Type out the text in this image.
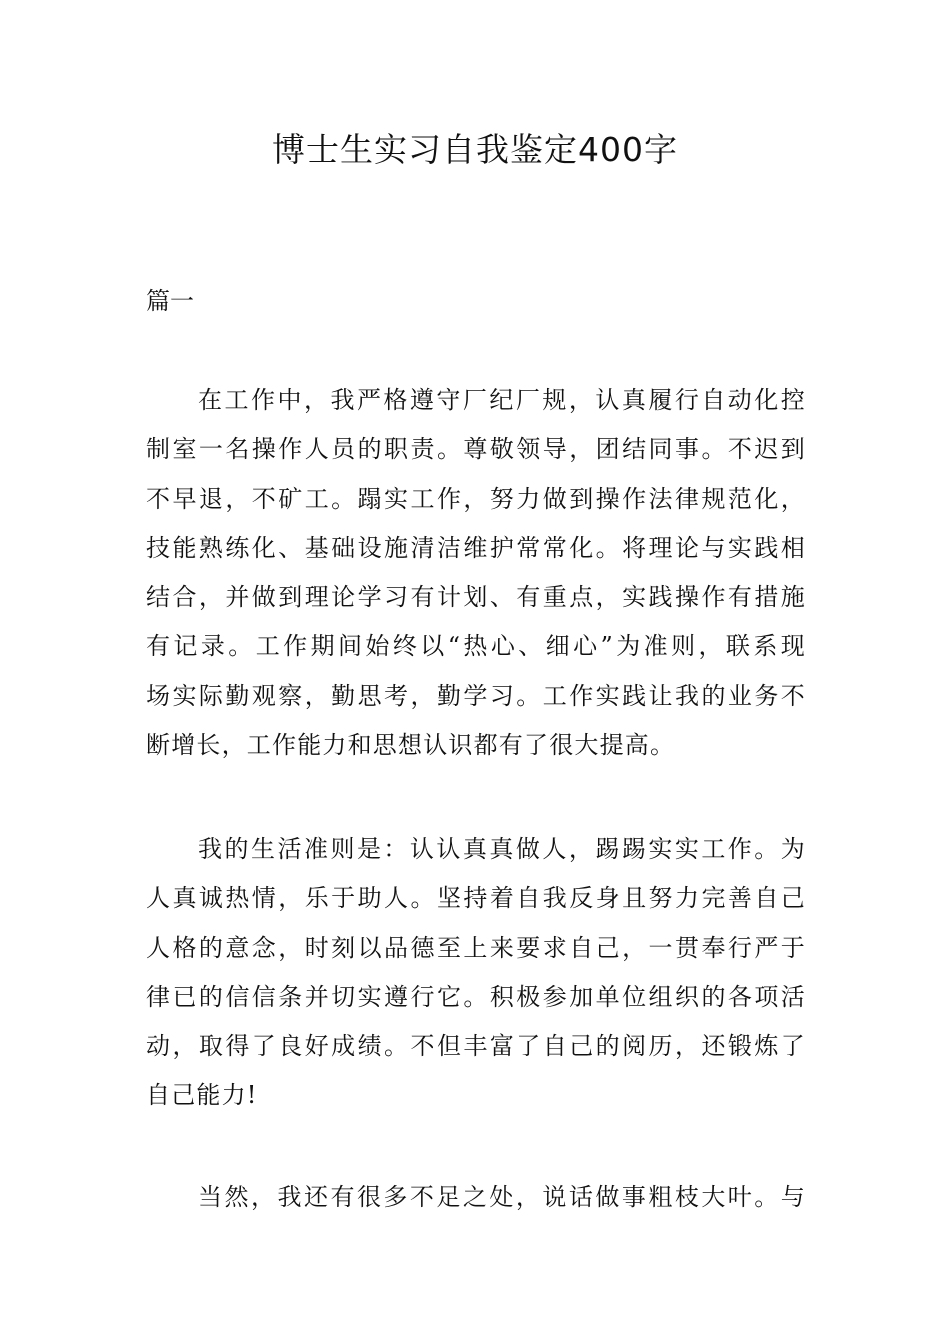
博士生实习自我鉴定400字
篇一
在工作中，我严格遵守厂纪厂规，认真履行自动化控
制室一名操作人员的职责。尊敬领导，团结同事。不迟到
不早退，不矿工。蹋实工作，努力做到操作法律规范化，
技能熟练化、基础设施清洁维护常常化。将理论与实践相
结合，并做到理论学习有计划、有重点，实践操作有措施
有记录。工作期间始终以“热心、细心”为准则，联系现
场实际勤观察，勤思考，勤学习。工作实践让我的业务不
断增长，工作能力和思想认识都有了很大提高。
我的生活准则是：认认真真做人，踢踢实实工作。为
人真诚热情，乐于助人。坚持着自我反身且努力完善自己
人格的意念，时刻以品德至上来要求自己，一贯奉行严于
律已的信信条并切实遵行它。积极参加单位组织的各项活
动，取得了良好成绩。不但丰富了自己的阅历，还锻炼了
自己能力!
当然，我还有很多不足之处，说话做事粗枝大叶。与
